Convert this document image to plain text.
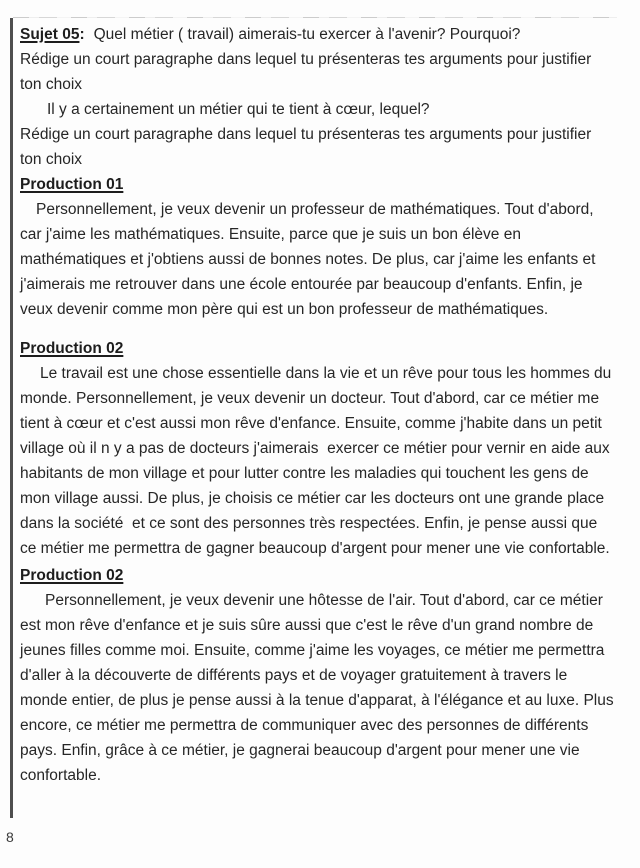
Sujet 05: Quel métier ( travail) aimerais-tu exercer à l'avenir? Pourquoi?

Rédige un court paragraphe dans lequel tu présenteras tes arguments pour justifier ton choix

Il y a certainement un métier qui te tient à cœur, lequel?

Rédige un court paragraphe dans lequel tu présenteras tes arguments pour justifier ton choix

Production 01

Personnellement, je veux devenir un professeur de mathématiques. Tout d'abord, car j'aime les mathématiques. Ensuite, parce que je suis un bon élève en mathématiques et j'obtiens aussi de bonnes notes. De plus, car j'aime les enfants et j'aimerais me retrouver dans une école entourée par beaucoup d'enfants. Enfin, je veux devenir comme mon père qui est un bon professeur de mathématiques.

Production 02

Le travail est une chose essentielle dans la vie et un rêve pour tous les hommes du monde. Personnellement, je veux devenir un docteur. Tout d'abord, car ce métier me tient à cœur et c'est aussi mon rêve d'enfance. Ensuite, comme j'habite dans un petit village où il n y a pas de docteurs j'aimerais  exercer ce métier pour vernir en aide aux habitants de mon village et pour lutter contre les maladies qui touchent les gens de mon village aussi. De plus, je choisis ce métier car les docteurs ont une grande place dans la société  et ce sont des personnes très respectées. Enfin, je pense aussi que ce métier me permettra de gagner beaucoup d'argent pour mener une vie confortable.

Production 02

Personnellement, je veux devenir une hôtesse de l'air. Tout d'abord, car ce métier est mon rêve d'enfance et je suis sûre aussi que c'est le rêve d'un grand nombre de jeunes filles comme moi. Ensuite, comme j'aime les voyages, ce métier me permettra d'aller à la découverte de différents pays et de voyager gratuitement à travers le monde entier, de plus je pense aussi à la tenue d'apparat, à l'élégance et au luxe. Plus encore, ce métier me permettra de communiquer avec des personnes de différents pays. Enfin, grâce à ce métier, je gagnerai beaucoup d'argent pour mener une vie confortable.

8
